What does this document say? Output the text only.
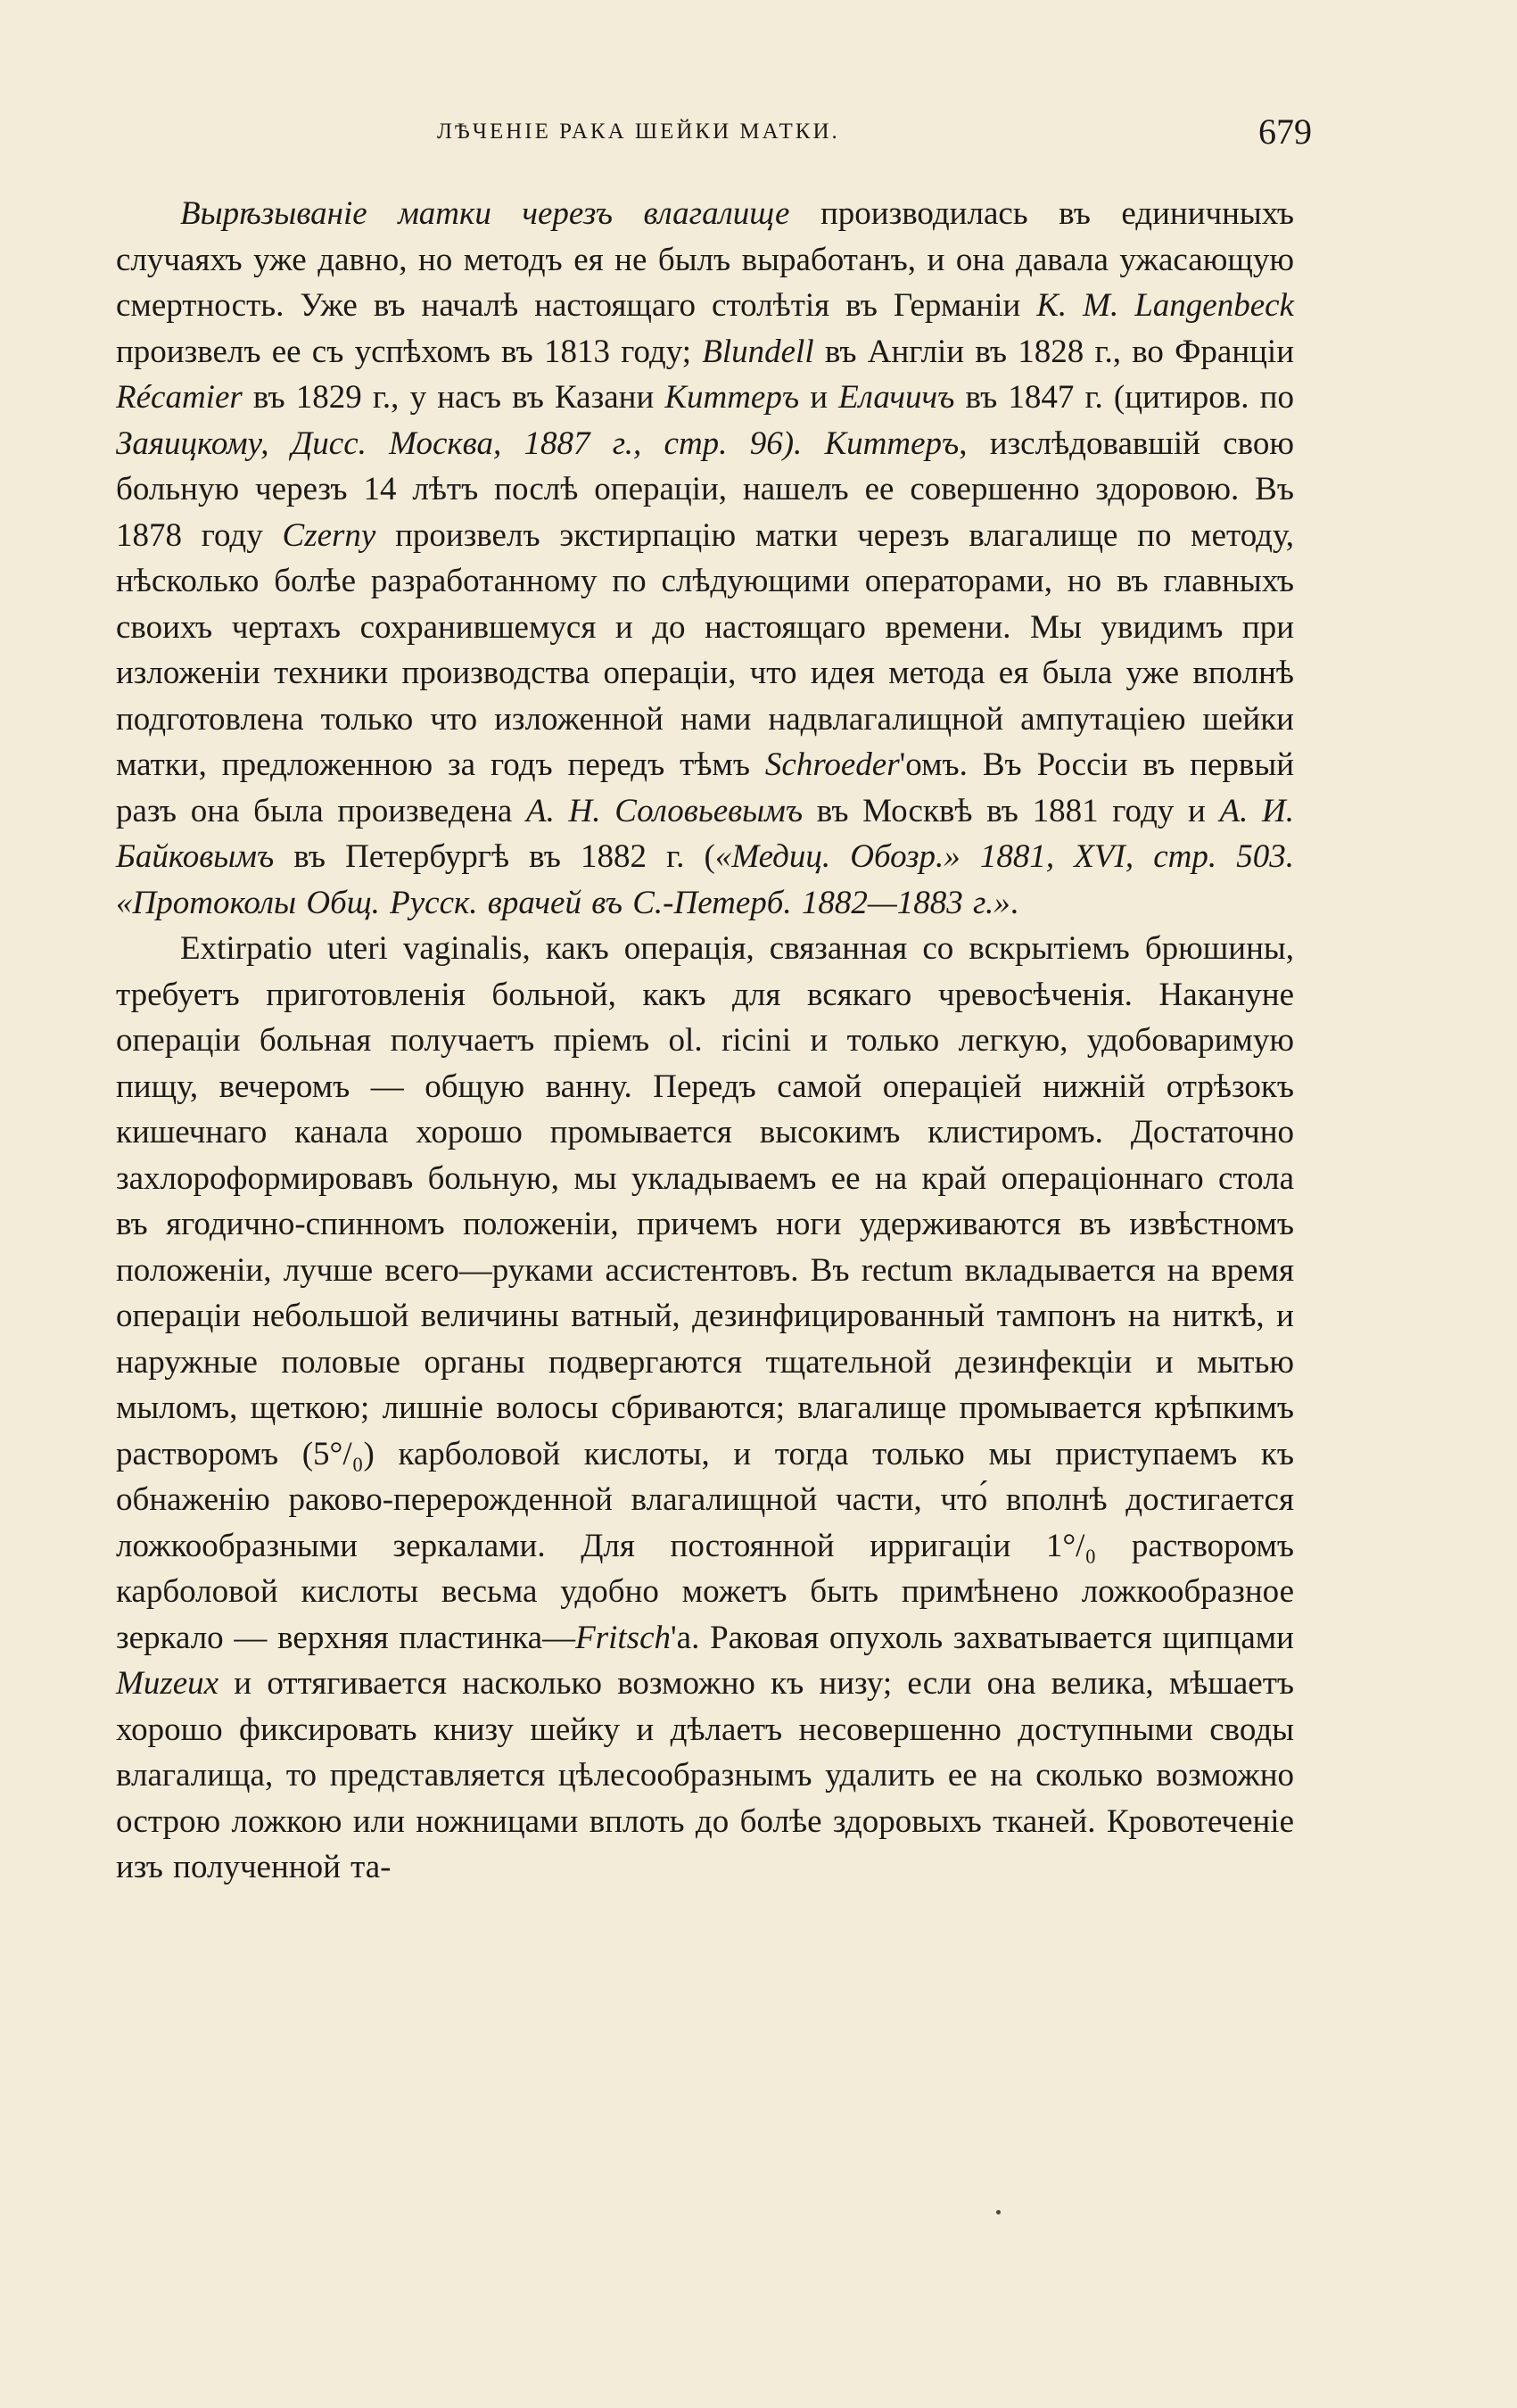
ЛѢЧЕНІЕ РАКА ШЕЙКИ МАТКИ.	679

Вырѣзываніе матки черезъ влагалище производилась въ единичныхъ случаяхъ уже давно, но методъ ея не былъ выработанъ, и она давала ужасающую смертность. Уже въ началѣ настоящаго столѣтія въ Германіи К. М. Langenbeck произвелъ ее съ успѣхомъ въ 1813 году; Blundell въ Англіи въ 1828 г., во Франціи Récamier въ 1829 г., у насъ въ Казани Киттеръ и Елачичъ въ 1847 г. (цитиров. по Заяицкому, Дисс. Москва, 1887 г., стр. 96). Киттеръ, изслѣдовавшій свою больную черезъ 14 лѣтъ послѣ операціи, нашелъ ее совершенно здоровою. Въ 1878 году Czerny произвелъ экстирпацію матки черезъ влагалище по методу, нѣсколько болѣе разработанному по слѣдующими операторами, но въ главныхъ своихъ чертахъ сохранившемуся и до настоящаго времени. Мы увидимъ при изложеніи техники производства операціи, что идея метода ея была уже вполнѣ подготовлена только что изложенной нами надвлагалищной ампутаціею шейки матки, предложенною за годъ передъ тѣмъ Schroeder'омъ. Въ Россіи въ первый разъ она была произведена А. Н. Соловьевымъ въ Москвѣ въ 1881 году и А. И. Байковымъ въ Петербургѣ въ 1882 г. («Медиц. Обозр.» 1881, XVI, стр. 503. «Протоколы Общ. Русск. врачей въ С.-Петерб. 1882—1883 г.».

Extirpatio uteri vaginalis, какъ операція, связанная со вскрытіемъ брюшины, требуетъ приготовленія больной, какъ для всякаго чревосѣченія. Накануне операціи больная получаетъ пріемъ ol. ricini и только легкую, удобоваримую пищу, вечеромъ — общую ванну. Передъ самой операціей нижній отрѣзокъ кишечнаго канала хорошо промывается высокимъ клистиромъ. Достаточно захлороформировавъ больную, мы укладываемъ ее на край операціоннаго стола въ ягодично-спинномъ положеніи, причемъ ноги удерживаются въ извѣстномъ положеніи, лучше всего—руками ассистентовъ. Въ rectum вкладывается на время операціи небольшой величины ватный, дезинфицированный тампонъ на ниткѣ, и наружные половые органы подвергаются тщательной дезинфекціи и мытью мыломъ, щеткою; лишніе волосы сбриваются; влагалище промывается крѣпкимъ растворомъ (5°/₀) карболовой кислоты, и тогда только мы приступаемъ къ обнаженію раково-перерожденной влагалищной части, что́ вполнѣ достигается ложкообразными зеркалами. Для постоянной ирригаціи 1°/₀ растворомъ карболовой кислоты весьма удобно можетъ быть примѣнено ложкообразное зеркало — верхняя пластинка—Fritsch'а. Раковая опухоль захватывается щипцами Muzeux и оттягивается насколько возможно къ низу; если она велика, мѣшаетъ хорошо фиксировать книзу шейку и дѣлаетъ несовершенно доступными своды влагалища, то представляется цѣлесообразнымъ удалить ее на сколько возможно острою ложкою или ножницами вплоть до болѣе здоровыхъ тканей. Кровотеченіе изъ полученной та-
